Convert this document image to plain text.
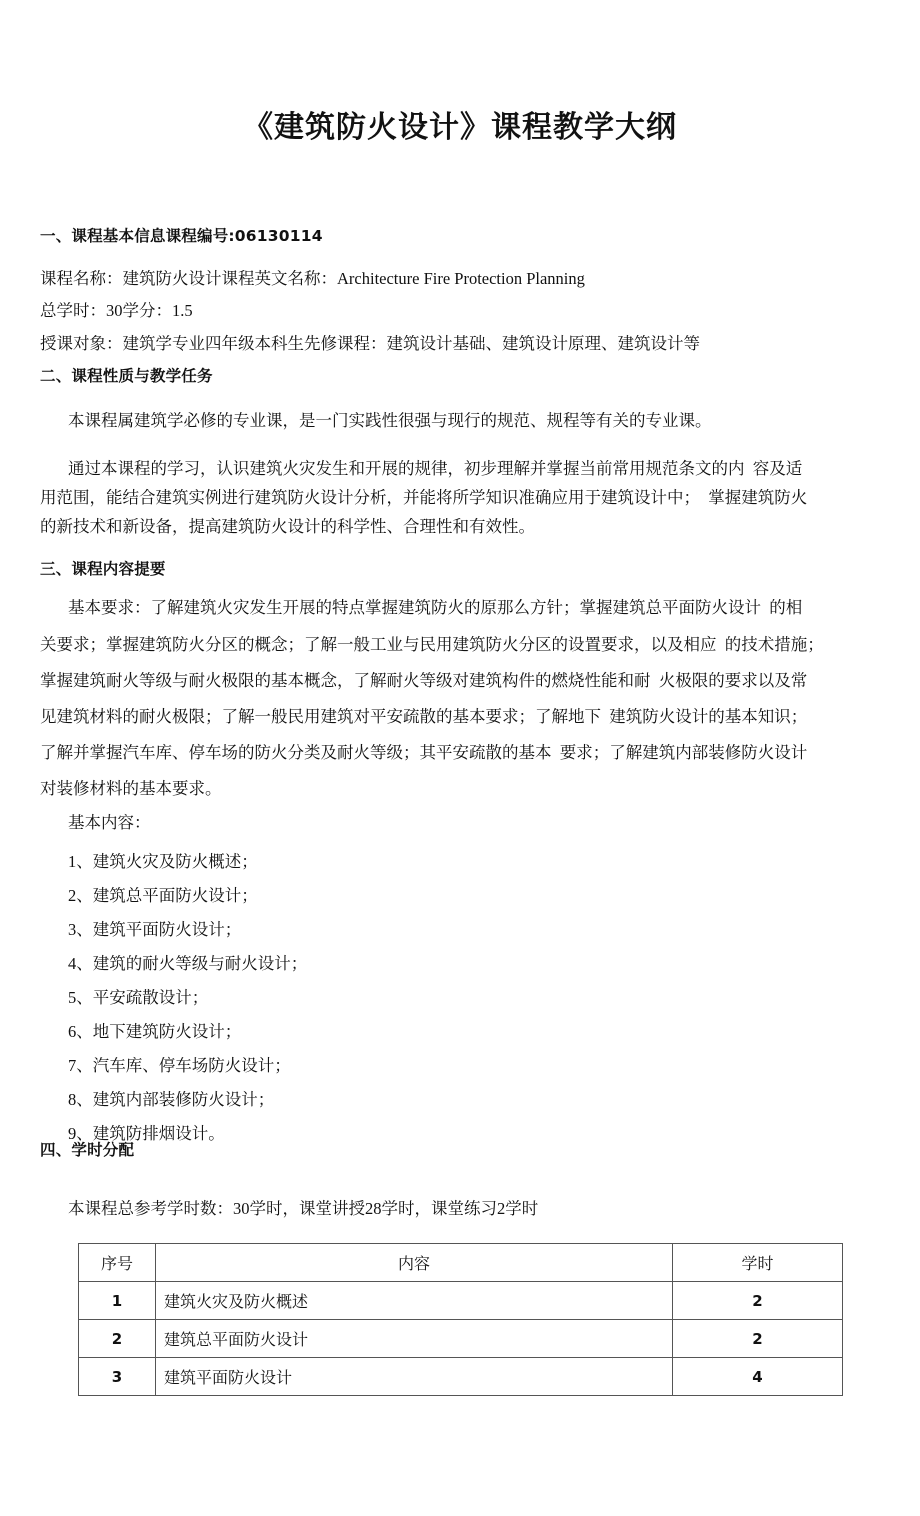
《建筑防火设计》课程教学大纲
一、课程基本信息课程编号:06130114
课程名称：建筑防火设计课程英文名称：Architecture Fire Protection Planning
总学时：30学分：1.5
授课对象：建筑学专业四年级本科生先修课程：建筑设计基础、建筑设计原理、建筑设计等
二、课程性质与教学任务
本课程属建筑学必修的专业课，是一门实践性很强与现行的规范、规程等有关的专业课。
通过本课程的学习，认识建筑火灾发生和开展的规律，初步理解并掌握当前常用规范条文的内  容及适
用范围，能结合建筑实例进行建筑防火设计分析，并能将所学知识准确应用于建筑设计中；  掌握建筑防火
的新技术和新设备，提高建筑防火设计的科学性、合理性和有效性。
三、课程内容提要
基本要求：了解建筑火灾发生开展的特点掌握建筑防火的原那么方针；掌握建筑总平面防火设计  的相
关要求；掌握建筑防火分区的概念；了解一般工业与民用建筑防火分区的设置要求，以及相应  的技术措施；
掌握建筑耐火等级与耐火极限的基本概念，了解耐火等级对建筑构件的燃烧性能和耐  火极限的要求以及常
见建筑材料的耐火极限；了解一般民用建筑对平安疏散的基本要求；了解地下  建筑防火设计的基本知识；
了解并掌握汽车库、停车场的防火分类及耐火等级；其平安疏散的基本  要求；了解建筑内部装修防火设计
对装修材料的基本要求。
基本内容：
1、建筑火灾及防火概述；
2、建筑总平面防火设计；
3、建筑平面防火设计；
4、建筑的耐火等级与耐火设计；
5、平安疏散设计；
6、地下建筑防火设计；
7、汽车库、停车场防火设计；
8、建筑内部装修防火设计；
9、建筑防排烟设计。
四、学时分配
本课程总参考学时数：30学时，课堂讲授28学时，课堂练习2学时
序号	内容	学时
1	建筑火灾及防火概述	2
2	建筑总平面防火设计	2
3	建筑平面防火设计	4
